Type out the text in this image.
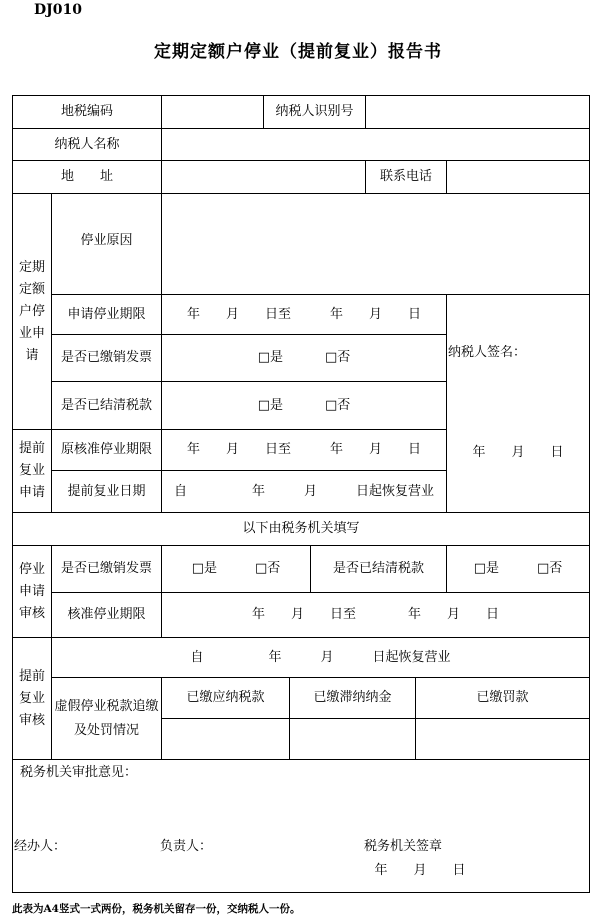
DJ010
定期定额户停业（提前复业）报告书
地税编码	纳税人识别号
纳税人名称
地　　址	联系电话
定期定额户停业申请
停业原因
申请停业期限	年　　月　　日至　　　年　　月　　日
是否已缴销发票	□是	□否
是否已结清税款	□是	□否
纳税人签名：
年　　月　　日
提前复业申请
原核准停业期限	年　　月　　日至　　　年　　月　　日
提前复业日期	自　　　　　年　　　月　　　日起恢复营业
以下由税务机关填写
停业申请审核
是否已缴销发票	□是	□否	是否已结清税款	□是	□否
核准停业期限	年　　月　　日至　　　　年　　月　　日
提前复业审核
自　　　　　年　　　月　　　日起恢复营业
虚假停业税款追缴及处罚情况
已缴应纳税款	已缴滞纳纳金	已缴罚款
税务机关审批意见：
经办人：	负责人：	税务机关签章
年　　月　　日
此表为A4竖式一式两份，税务机关留存一份，交纳税人一份。
